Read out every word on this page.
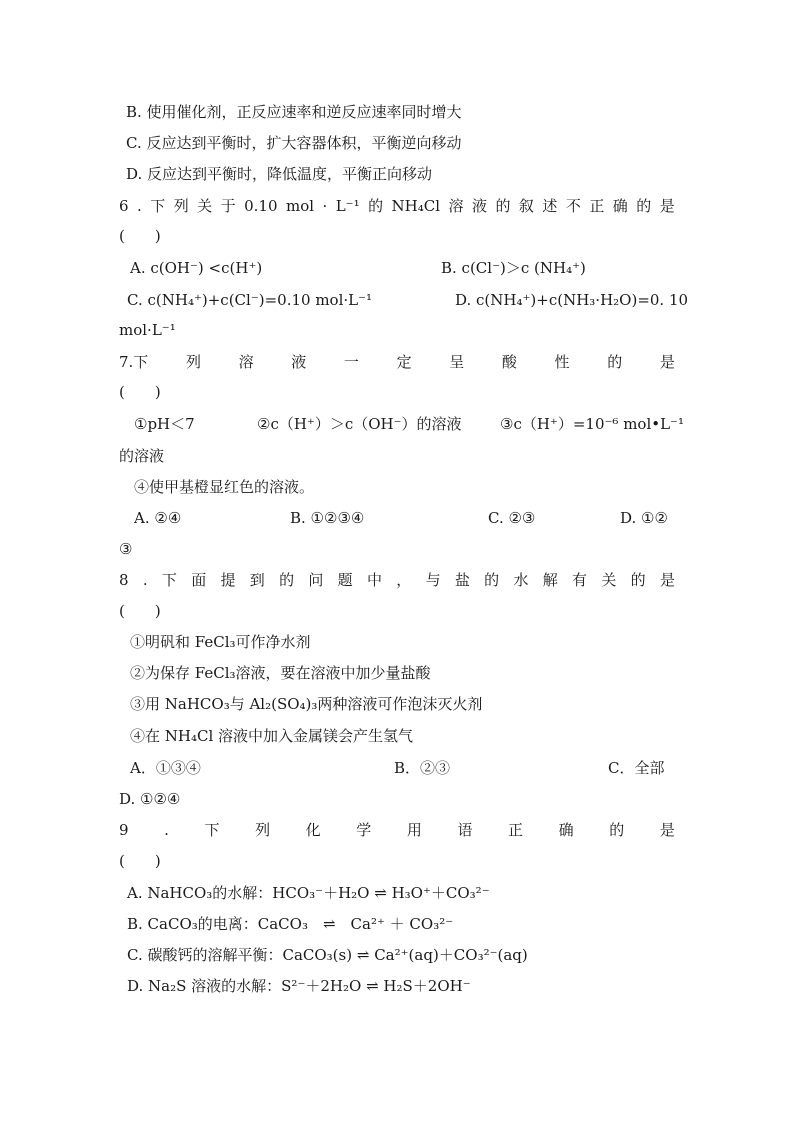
B. 使用催化剂，正反应速率和逆反应速率同时增大
C. 反应达到平衡时，扩大容器体积，平衡逆向移动
D. 反应达到平衡时，降低温度，平衡正向移动
6 . 下 列 关 于 0.10 mol · L⁻¹ 的 NH₄Cl 溶 液 的 叙 述 不 正 确 的 是
(　　)
A. c(OH⁻) <c(H⁺)	B. c(Cl⁻)＞c (NH₄⁺)
C. c(NH₄⁺)+c(Cl⁻)=0.10 mol·L⁻¹	D. c(NH₄⁺)+c(NH₃·H₂O)=0. 10
mol·L⁻¹
7.下	列	溶	液	一	定	呈	酸	性	的	是
(　　)
①pH＜7	②c（H⁺）＞c（OH⁻）的溶液	③c（H⁺）=10⁻⁶ mol•L⁻¹
的溶液
④使甲基橙显红色的溶液。
A. ②④	B. ①②③④	C. ②③	D. ①②
③
8 . 下 面 提 到 的 问 题 中 ， 与 盐 的 水 解 有 关 的 是
(　　)
①明矾和 FeCl₃可作净水剂
②为保存 FeCl₃溶液，要在溶液中加少量盐酸
③用 NaHCO₃与 Al₂(SO₄)₃两种溶液可作泡沫灭火剂
④在 NH₄Cl 溶液中加入金属镁会产生氢气
A．①③④	B．②③	C．全部
D. ①②④
9 . 下 列 化 学 用 语 正 确 的 是
(　　)
A. NaHCO₃的水解：HCO₃⁻＋H₂O ⇌ H₃O⁺＋CO₃²⁻
B. CaCO₃的电离：CaCO₃　⇌　Ca²⁺ ＋ CO₃²⁻
C. 碳酸钙的溶解平衡：CaCO₃(s) ⇌ Ca²⁺(aq)＋CO₃²⁻(aq)
D. Na₂S 溶液的水解：S²⁻＋2H₂O ⇌ H₂S＋2OH⁻
